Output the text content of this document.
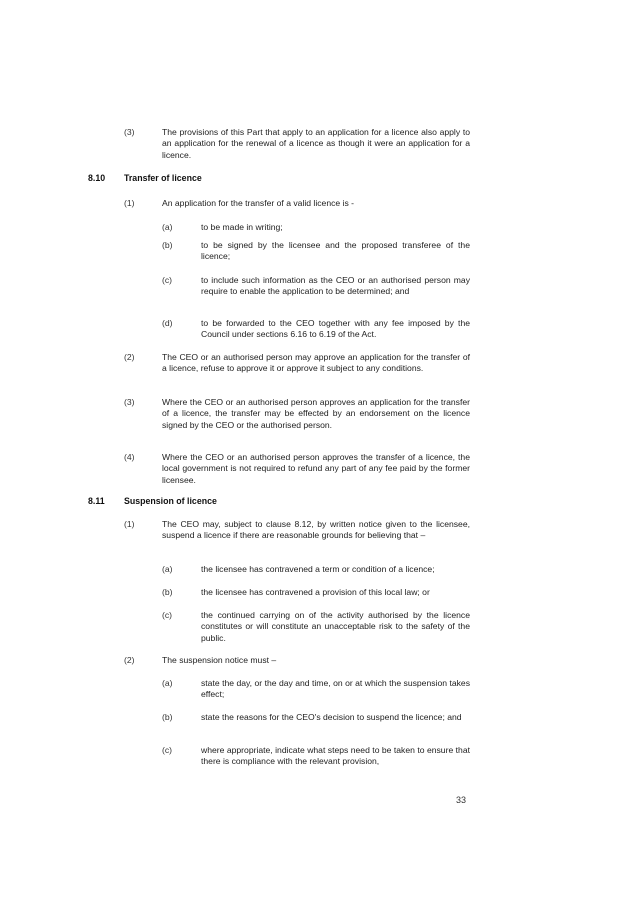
33
(3)	The provisions of this Part that apply to an application for a licence also apply to an application for the renewal of a licence as though it were an application for a licence.
8.10 Transfer of licence
(1)	An application for the transfer of a valid licence is -
(a)	to be made in writing;
(b)	to be signed by the licensee and the proposed transferee of the licence;
(c)	to include such information as the CEO or an authorised person may require to enable the application to be determined; and
(d)	to be forwarded to the CEO together with any fee imposed by the Council under sections 6.16 to 6.19 of the Act.
(2)	The CEO or an authorised person may approve an application for the transfer of a licence, refuse to approve it or approve it subject to any conditions.
(3)	Where the CEO or an authorised person approves an application for the transfer of a licence, the transfer may be effected by an endorsement on the licence signed by the CEO or the authorised person.
(4)	Where the CEO or an authorised person approves the transfer of a licence, the local government is not required to refund any part of any fee paid by the former licensee.
8.11 Suspension of licence
(1)	The CEO may, subject to clause 8.12, by written notice given to the licensee, suspend a licence if there are reasonable grounds for believing that –
(a)	the licensee has contravened a term or condition of a licence;
(b)	the licensee has contravened a provision of this local law; or
(c)	the continued carrying on of the activity authorised by the licence constitutes or will constitute an unacceptable risk to the safety of the public.
(2)	The suspension notice must –
(a)	state the day, or the day and time, on or at which the suspension takes effect;
(b)	state the reasons for the CEO's decision to suspend the licence; and
(c)	where appropriate, indicate what steps need to be taken to ensure that there is compliance with the relevant provision,
